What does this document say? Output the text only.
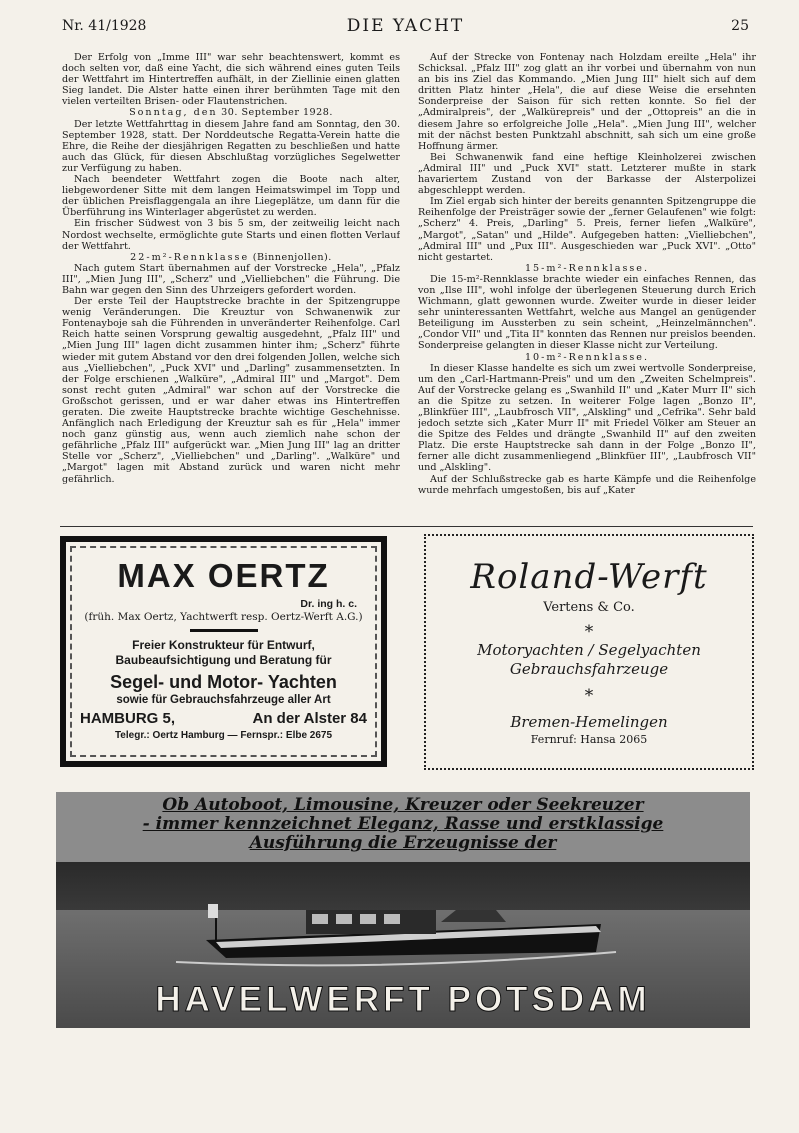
Nr. 41/1928	DIE YACHT	25

Der Erfolg von „Imme III" war sehr beachtenswert, kommt es doch selten vor, daß eine Yacht, die sich während eines guten Teils der Wettfahrt im Hintertreffen aufhält, in der Ziellinie einen glatten Sieg landet. Die Alster hatte einen ihrer berühmten Tage mit den vielen verteilten Brisen- oder Flautenstrichen.

Sonntag, den 30. September 1928.

Der letzte Wettfahrttag in diesem Jahre fand am Sonntag, den 30. September 1928, statt. Der Norddeutsche Regatta-Verein hatte die Ehre, die Reihe der diesjährigen Regatten zu beschließen und hatte auch das Glück, für diesen Abschlußtag vorzügliches Segelwetter zur Verfügung zu haben.

Nach beendeter Wettfahrt zogen die Boote nach alter, liebgewordener Sitte mit dem langen Heimatswimpel im Topp und der üblichen Preisflaggengala an ihre Liegeplätze, um dann für die Überführung ins Winterlager abgerüstet zu werden.

Ein frischer Südwest von 3 bis 5 sm, der zeitweilig leicht nach Nordost wechselte, ermöglichte gute Starts und einen flotten Verlauf der Wettfahrt.

22-m²-Rennklasse (Binnenjollen).

Nach gutem Start übernahmen auf der Vorstrecke „Hela", „Pfalz III", „Mien Jung III", „Scherz" und „Vielliebchen" die Führung. Die Bahn war gegen den Sinn des Uhrzeigers gefordert worden.

Der erste Teil der Hauptstrecke brachte in der Spitzengruppe wenig Veränderungen. Die Kreuztur von Schwanenwik zur Fontenayboje sah die Führenden in unveränderter Reihenfolge. Carl Reich hatte seinen Vorsprung gewaltig ausgedehnt, „Pfalz III" und „Mien Jung III" lagen dicht zusammen hinter ihm; „Scherz" führte wieder mit gutem Abstand vor den drei folgenden Jollen, welche sich aus „Vielliebchen", „Puck XVI" und „Darling" zusammensetzten. In der Folge erschienen „Walküre", „Admiral III" und „Margot". Dem sonst recht guten „Admiral" war schon auf der Vorstrecke die Großschot gerissen, und er war daher etwas ins Hintertreffen geraten. Die zweite Hauptstrecke brachte wichtige Geschehnisse. Anfänglich nach Erledigung der Kreuztur sah es für „Hela" immer noch ganz günstig aus, wenn auch ziemlich nahe schon der gefährliche „Pfalz III" aufgerückt war. „Mien Jung III" lag an dritter Stelle vor „Scherz", „Vielliebchen" und „Darling". „Walküre" und „Margot" lagen mit Abstand zurück und waren nicht mehr gefährlich.

Auf der Strecke von Fontenay nach Holzdam ereilte „Hela" ihr Schicksal. „Pfalz III" zog glatt an ihr vorbei und übernahm von nun an bis ins Ziel das Kommando. „Mien Jung III" hielt sich auf dem dritten Platz hinter „Hela", die auf diese Weise die ersehnten Sonderpreise der Saison für sich retten konnte. So fiel der „Admiralpreis", der „Walkürepreis" und der „Ottopreis" an die in diesem Jahre so erfolgreiche Jolle „Hela". „Mien Jung III", welcher mit der nächst besten Punktzahl abschnitt, sah sich um eine große Hoffnung ärmer.

Bei Schwanenwik fand eine heftige Kleinholzerei zwischen „Admiral III" und „Puck XVI" statt. Letzterer mußte in stark havariertem Zustand von der Barkasse der Alsterpolizei abgeschleppt werden.

Im Ziel ergab sich hinter der bereits genannten Spitzengruppe die Reihenfolge der Preisträger sowie der „ferner Gelaufenen" wie folgt: „Scherz" 4. Preis, „Darling" 5. Preis, ferner liefen „Walküre", „Margot", „Satan" und „Hilde". Aufgegeben hatten: „Vielliebchen", „Admiral III" und „Pux III". Ausgeschieden war „Puck XVI". „Otto" nicht gestartet.

15-m²-Rennklasse.

Die 15-m²-Rennklasse brachte wieder ein einfaches Rennen, das von „Ilse III", wohl infolge der überlegenen Steuerung durch Erich Wichmann, glatt gewonnen wurde. Zweiter wurde in dieser leider sehr uninteressanten Wettfahrt, welche aus Mangel an genügender Beteiligung im Aussterben zu sein scheint, „Heinzelmännchen". „Condor VII" und „Tita II" konnten das Rennen nur preislos beenden. Sonderpreise gelangten in dieser Klasse nicht zur Verteilung.

10-m²-Rennklasse.

In dieser Klasse handelte es sich um zwei wertvolle Sonderpreise, um den „Carl-Hartmann-Preis" und um den „Zweiten Schelmpreis". Auf der Vorstrecke gelang es „Swanhild II" und „Kater Murr II" sich an die Spitze zu setzen. In weiterer Folge lagen „Bonzo II", „Blinkfüer III", „Laubfrosch VII", „Alskling" und „Cefrika". Sehr bald jedoch setzte sich „Kater Murr II" mit Friedel Völker am Steuer an die Spitze des Feldes und drängte „Swanhild II" auf den zweiten Platz. Die erste Hauptstrecke sah dann in der Folge „Bonzo II", ferner alle dicht zusammenliegend „Blinkfüer III", „Laubfrosch VII" und „Alskling".

Auf der Schlußstrecke gab es harte Kämpfe und die Reihenfolge wurde mehrfach umgestoßen, bis auf „Kater

MAX OERTZ
Dr. ing h. c.
(früh. Max Oertz, Yachtwerft resp. Oertz-Werft A.G.)
Freier Konstrukteur für Entwurf, Baubeaufsichtigung und Beratung für
Segel- und Motor- Yachten
sowie für Gebrauchsfahrzeuge aller Art
HAMBURG 5,	An der Alster 84
Telegr.: Oertz Hamburg — Fernspr.: Elbe 2675
Roland-Werft
Vertens & Co.
*
Motoryachten / Segelyachten
Gebrauchsfahrzeuge
*
Bremen-Hemelingen
Fernruf: Hansa 2065
Ob Autoboot, Limousine, Kreuzer oder Seekreuzer
- immer kennzeichnet Eleganz, Rasse und erstklassige
Ausführung die Erzeugnisse der
HAVELWERFT POTSDAM
